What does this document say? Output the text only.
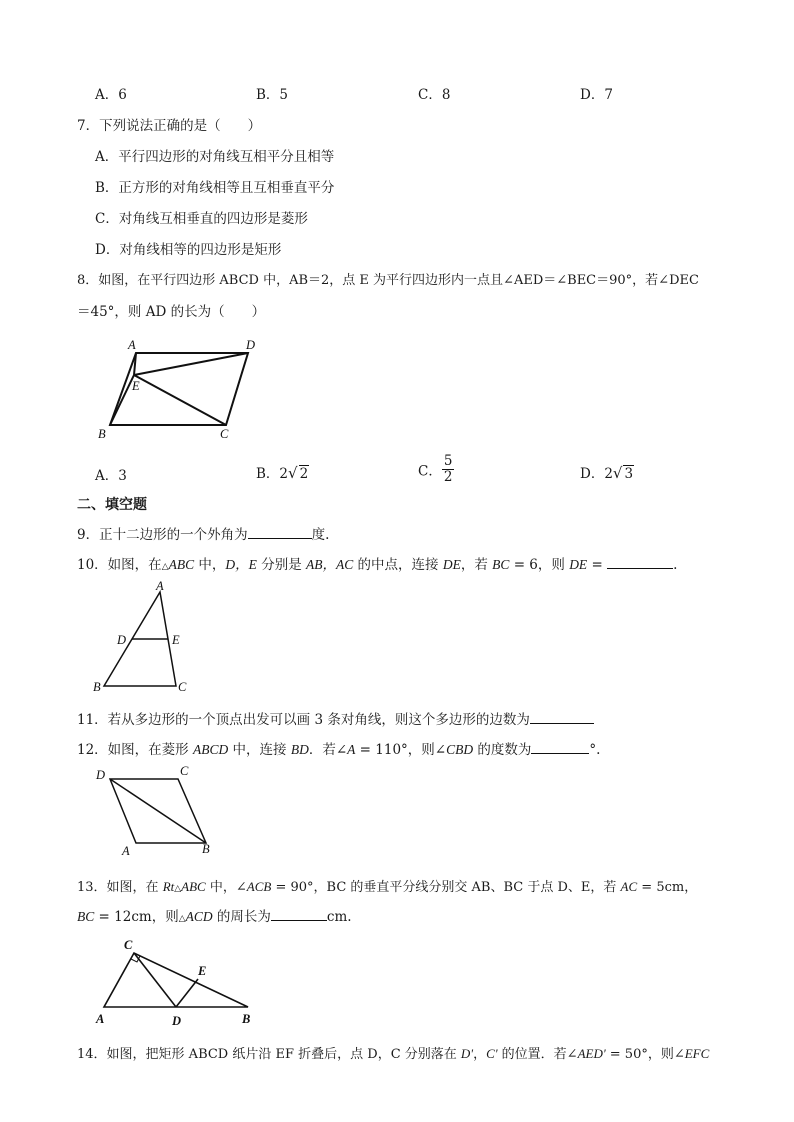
A．6	B．5	C．8	D．7
7．下列说法正确的是（　　）
A．平行四边形的对角线互相平分且相等
B．正方形的对角线相等且互相垂直平分
C．对角线互相垂直的四边形是菱形
D．对角线相等的四边形是矩形
8．如图，在平行四边形 ABCD 中，AB＝2，点 E 为平行四边形内一点且∠AED＝∠BEC＝90°，若∠DEC
＝45°，则 AD 的长为（　　）
A	D
E
B	C
A．3	B．2√ 2	C． $\frac{5}{2}$	D．2√ 3
二、填空题
9．正十二边形的一个外角为	度.
10．如图，在△ABC 中，D，E 分别是 AB，AC 的中点，连接 DE，若 BC = 6，则 DE =	.
A
D	E
B	C
11．若从多边形的一个顶点出发可以画 3 条对角线，则这个多边形的边数为
12．如图，在菱形 ABCD 中，连接 BD．若∠A = 110°，则∠CBD 的度数为	°.
D	C
A	B
13．如图，在 Rt△ABC 中，∠ACB = 90°，BC 的垂直平分线分别交 AB、BC 于点 D、E，若 AC = 5cm，
BC = 12cm，则△ACD 的周长为	cm.
C
E
A	D	B
14．如图，把矩形 ABCD 纸片沿 EF 折叠后，点 D，C 分别落在 D'，C' 的位置．若∠AED' = 50°，则∠EFC
